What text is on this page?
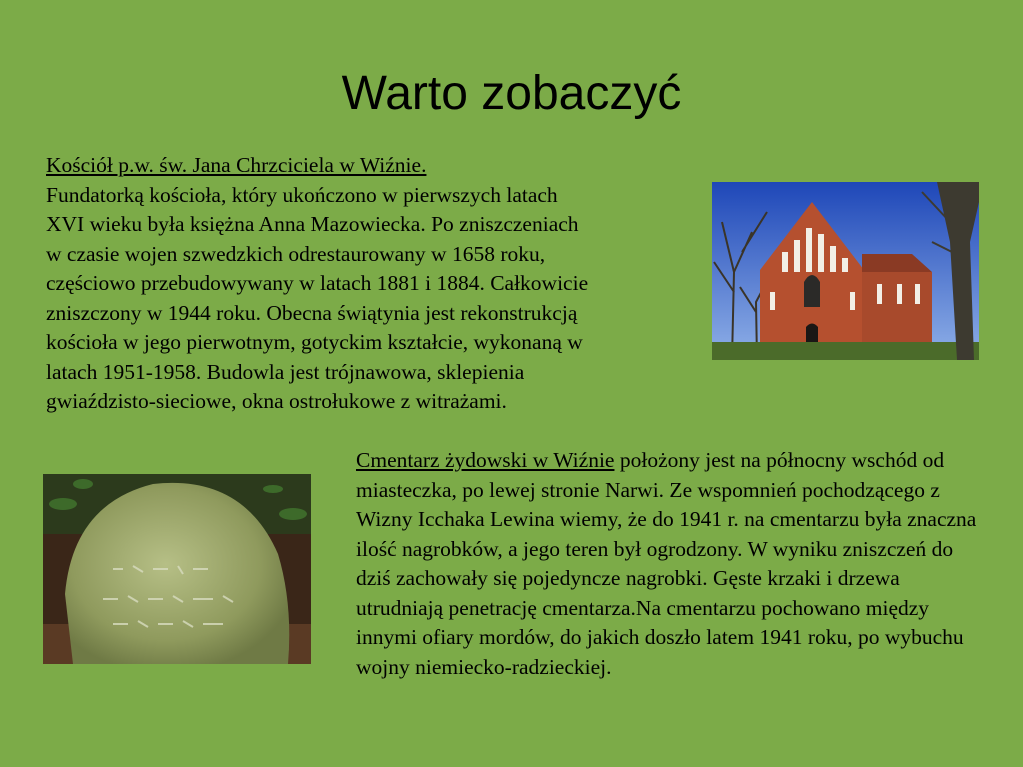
Warto zobaczyć
Kościół p.w. św. Jana Chrzciciela w Wiźnie.
Fundatorką kościoła, który ukończono w pierwszych latach
XVI wieku była księżna Anna Mazowiecka. Po zniszczeniach
w czasie wojen szwedzkich odrestaurowany w 1658 roku,
częściowo przebudowywany w latach 1881 i 1884. Całkowicie
zniszczony w 1944 roku. Obecna świątynia jest rekonstrukcją
kościoła w jego pierwotnym, gotyckim kształcie, wykonaną w
latach 1951-1958. Budowla jest trójnawowa, sklepienia
gwiaździsto-sieciowe, okna ostrołukowe z witrażami.
Cmentarz żydowski w Wiźnie położony jest na północny wschód od miasteczka, po lewej stronie Narwi. Ze wspomnień pochodzącego z Wizny Icchaka Lewina wiemy, że do 1941 r. na cmentarzu była znaczna ilość nagrobków, a jego teren był ogrodzony. W wyniku zniszczeń do dziś zachowały się pojedyncze nagrobki. Gęste krzaki i drzewa utrudniają penetrację cmentarza.Na cmentarzu pochowano między innymi ofiary mordów, do jakich doszło latem 1941 roku, po wybuchu wojny niemiecko-radzieckiej.
